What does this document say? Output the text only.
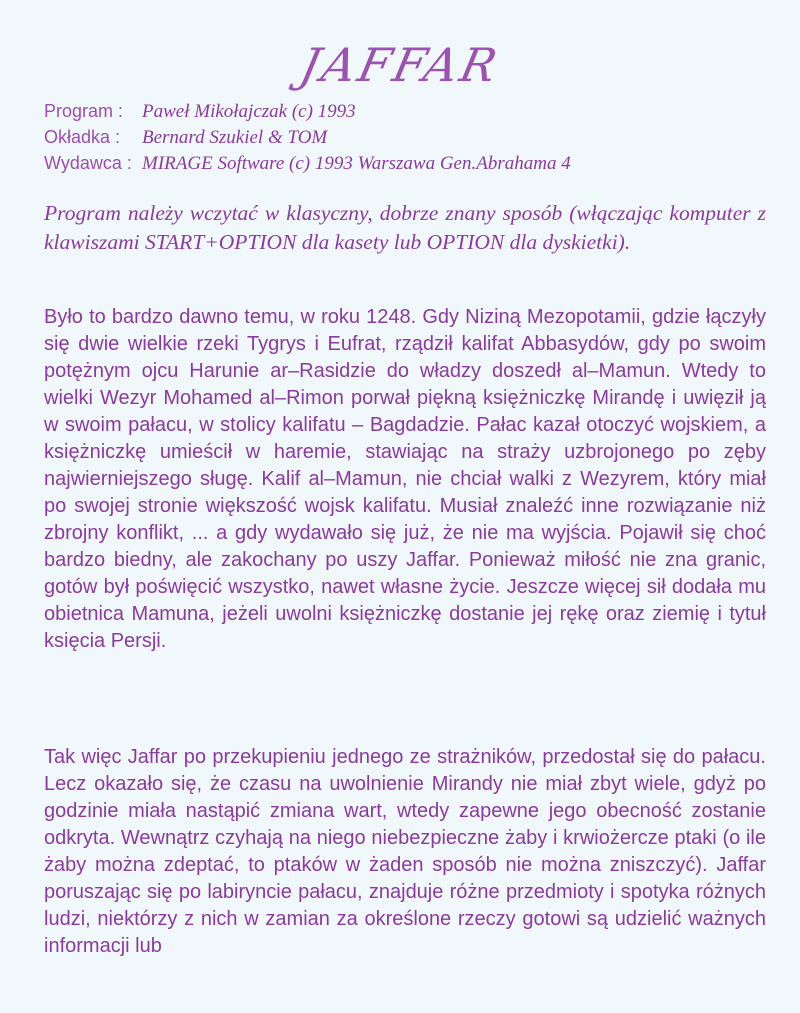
JAFFAR
Program : Paweł Mikołajczak (c) 1993
Okładka : Bernard Szukiel & TOM
Wydawca : MIRAGE Software (c) 1993 Warszawa Gen.Abrahama 4

Program należy wczytać w klasyczny, dobrze znany sposób (włączając komputer z klawiszami START+OPTION dla kasety lub OPTION dla dyskietki).

Było to bardzo dawno temu, w roku 1248. Gdy Niziną Mezopotamii, gdzie łączyły się dwie wielkie rzeki Tygrys i Eufrat, rządził kalifat Abbasydów, gdy po swoim potężnym ojcu Harunie ar–Rasidzie do władzy doszedł al–Mamun. Wtedy to wielki Wezyr Mohamed al–Rimon porwał piękną księżniczkę Mirandę i uwięził ją w swoim pałacu, w stolicy kalifatu – Bagdadzie. Pałac kazał otoczyć wojskiem, a księżniczkę umieścił w haremie, stawiając na straży uzbrojonego po zęby najwierniejszego sługę. Kalif al–Mamun, nie chciał walki z Wezyrem, który miał po swojej stronie większość wojsk kalifatu. Musiał znaleźć inne rozwiązanie niż zbrojny konflikt, ... a gdy wydawało się już, że nie ma wyjścia. Pojawił się choć bardzo biedny, ale zakochany po uszy Jaffar. Ponieważ miłość nie zna granic, gotów był poświęcić wszystko, nawet własne życie. Jeszcze więcej sił dodała mu obietnica Mamuna, jeżeli uwolni księżniczkę dostanie jej rękę oraz ziemię i tytuł księcia Persji.

Tak więc Jaffar po przekupieniu jednego ze strażników, przedostał się do pałacu. Lecz okazało się, że czasu na uwolnienie Mirandy nie miał zbyt wiele, gdyż po godzinie miała nastąpić zmiana wart, wtedy zapewne jego obecność zostanie odkryta. Wewnątrz czyhają na niego niebezpieczne żaby i krwiożercze ptaki (o ile żaby można zdeptać, to ptaków w żaden sposób nie można zniszczyć). Jaffar poruszając się po labiryncie pałacu, znajduje różne przedmioty i spotyka różnych ludzi, niektórzy z nich w zamian za określone rzeczy gotowi są udzielić ważnych informacji lub
